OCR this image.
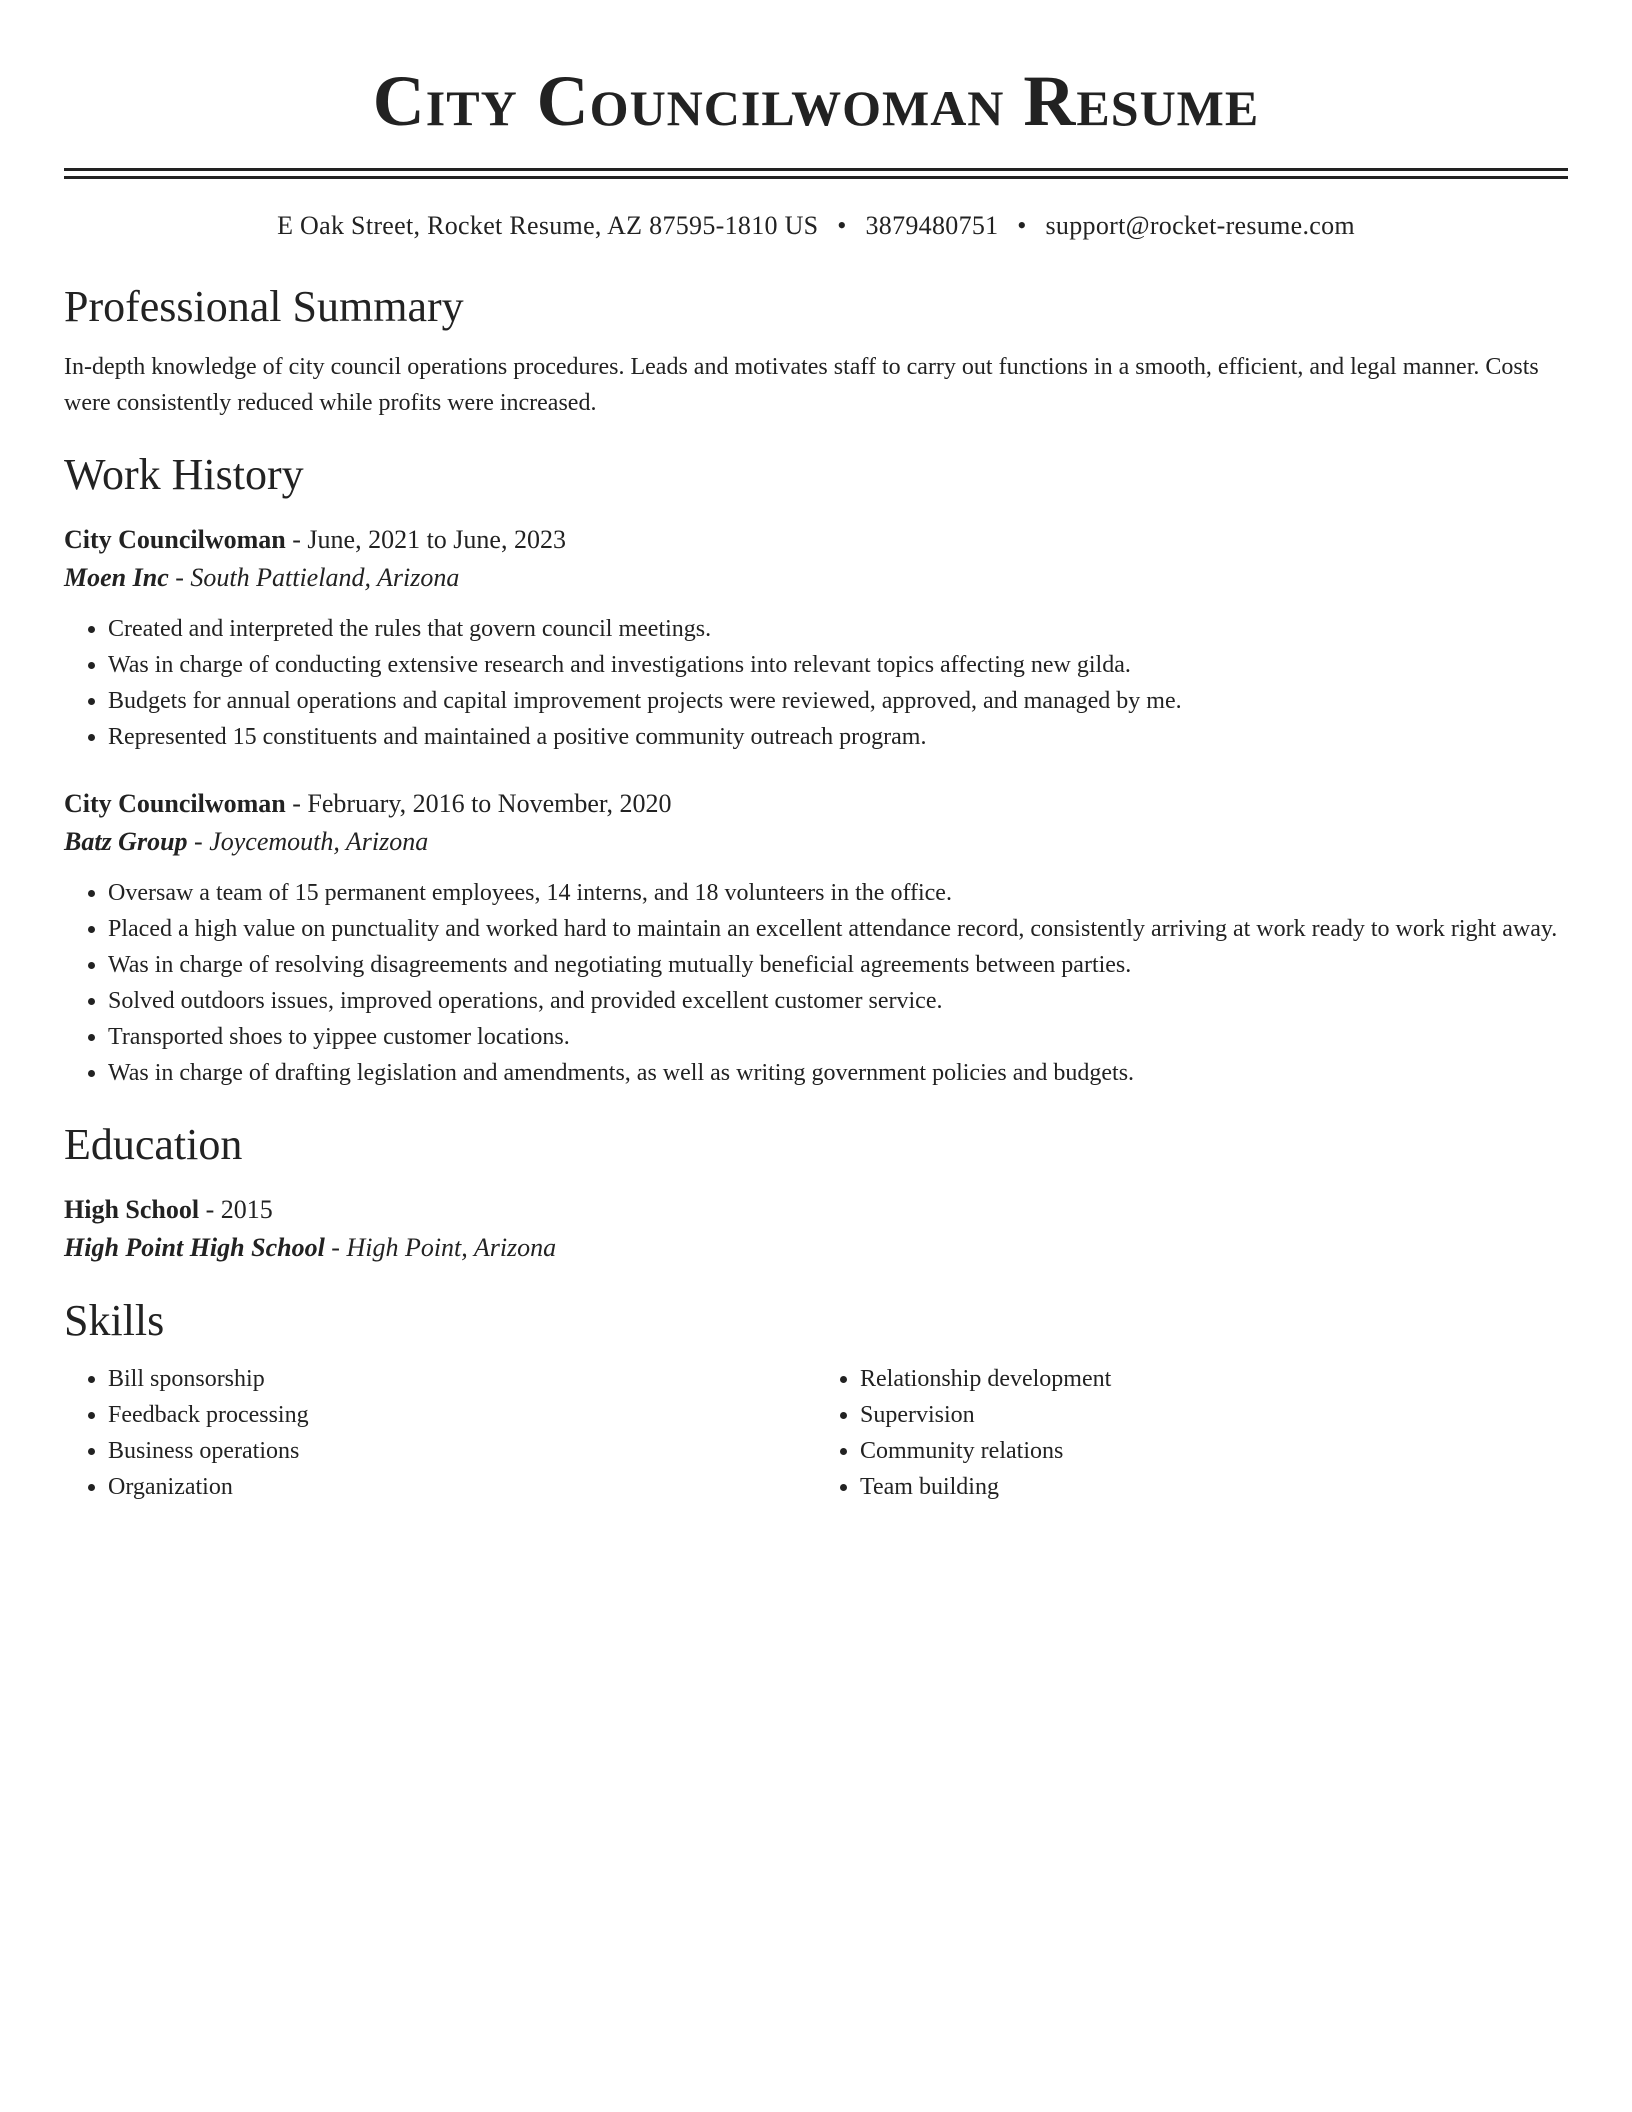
City Councilwoman Resume
E Oak Street, Rocket Resume, AZ 87595-1810 US • 3879480751 • support@rocket-resume.com
Professional Summary

In-depth knowledge of city council operations procedures. Leads and motivates staff to carry out functions in a smooth, efficient, and legal manner. Costs were consistently reduced while profits were increased.

Work History
City Councilwoman - June, 2021 to June, 2023
Moen Inc - South Pattieland, Arizona
• Created and interpreted the rules that govern council meetings.
• Was in charge of conducting extensive research and investigations into relevant topics affecting new gilda.
• Budgets for annual operations and capital improvement projects were reviewed, approved, and managed by me.
• Represented 15 constituents and maintained a positive community outreach program.
City Councilwoman - February, 2016 to November, 2020
Batz Group - Joycemouth, Arizona
• Oversaw a team of 15 permanent employees, 14 interns, and 18 volunteers in the office.
• Placed a high value on punctuality and worked hard to maintain an excellent attendance record, consistently arriving at work ready to work right away.
• Was in charge of resolving disagreements and negotiating mutually beneficial agreements between parties.
• Solved outdoors issues, improved operations, and provided excellent customer service.
• Transported shoes to yippee customer locations.
• Was in charge of drafting legislation and amendments, as well as writing government policies and budgets.
Education
High School - 2015
High Point High School - High Point, Arizona
Skills
• Bill sponsorship
• Feedback processing
• Business operations
• Organization
• Relationship development
• Supervision
• Community relations
• Team building
